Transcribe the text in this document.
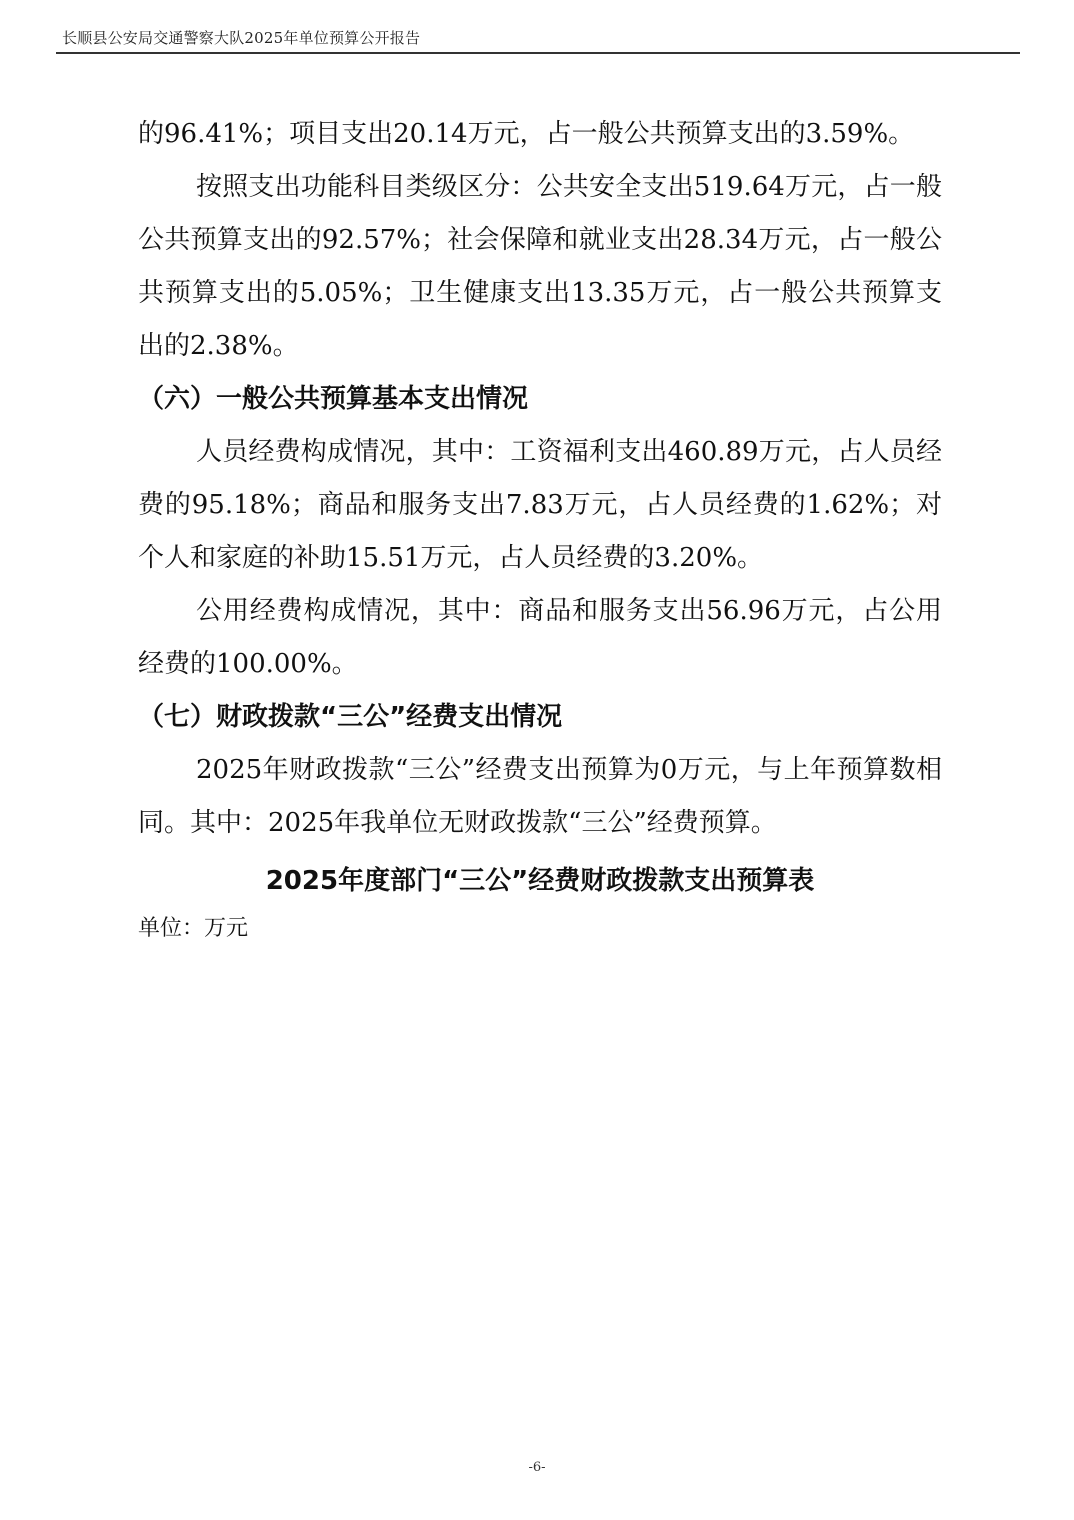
长顺县公安局交通警察大队2025年单位预算公开报告

的96.41%；项目支出20.14万元，占一般公共预算支出的3.59%。

按照支出功能科目类级区分：公共安全支出519.64万元，占一般公共预算支出的92.57%；社会保障和就业支出28.34万元，占一般公共预算支出的5.05%；卫生健康支出13.35万元，占一般公共预算支出的2.38%。

（六）一般公共预算基本支出情况

人员经费构成情况，其中：工资福利支出460.89万元，占人员经费的95.18%；商品和服务支出7.83万元，占人员经费的1.62%；对个人和家庭的补助15.51万元，占人员经费的3.20%。

公用经费构成情况，其中：商品和服务支出56.96万元，占公用经费的100.00%。

（七）财政拨款“三公”经费支出情况

2025年财政拨款“三公”经费支出预算为0万元，与上年预算数相同。其中：2025年我单位无财政拨款“三公”经费预算。

2025年度部门“三公”经费财政拨款支出预算表

单位：万元

-6-
